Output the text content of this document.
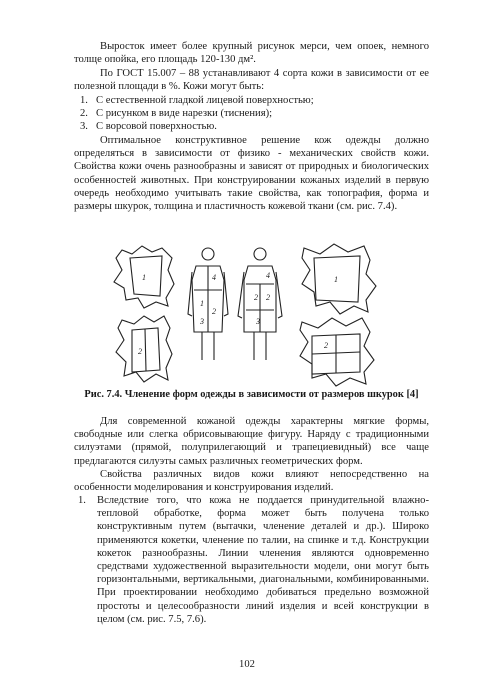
Выросток имеет более крупный рисунок мерси, чем опоек, немного толще опойка, его площадь 120-130 дм².

По ГОСТ 15.007 – 88 устанавливают 4 сорта кожи в зависимости от ее полезной площади в %. Кожи могут быть:

1. С естественной гладкой лицевой поверхностью;
2. С рисунком в виде нарезки (тиснения);
3. С ворсовой поверхностью.

Оптимальное конструктивное решение кож одежды должно определяться в зависимости от физико - механических свойств кожи. Свойства кожи очень разнообразны и зависят от природных и биологических особенностей животных. При конструировании кожаных изделий в первую очередь необходимо учитывать такие свойства, как топография, форма и размеры шкурок, толщина и пластичность кожевой ткани (см. рис. 7.4).

1
2
1
2
3
4
2 2
3
4	1
2
Рис. 7.4. Членение форм одежды в зависимости от размеров шкурок [4]

Для современной кожаной одежды характерны мягкие формы, свободные или слегка обрисовывающие фигуру. Наряду с традиционными силуэтами (прямой, полуприлегающий и трапециевидный) все чаще предлагаются силуэты самых различных геометрических форм.

Свойства различных видов кожи влияют непосредственно на особенности моделирования и конструирования изделий.

1. Вследствие того, что кожа не поддается принудительной влажно-тепловой обработке, форма может быть получена только конструктивным путем (вытачки, членение деталей и др.). Широко применяются кокетки, членение по талии, на спинке и т.д. Конструкции кокеток разнообразны. Линии членения являются одновременно средствами художественной выразительности модели, они могут быть горизонтальными, вертикальными, диагональными, комбинированными. При проектировании необходимо добиваться предельно возможной простоты и целесообразности линий изделия и всей конструкции в целом (см. рис. 7.5, 7.6).
102
